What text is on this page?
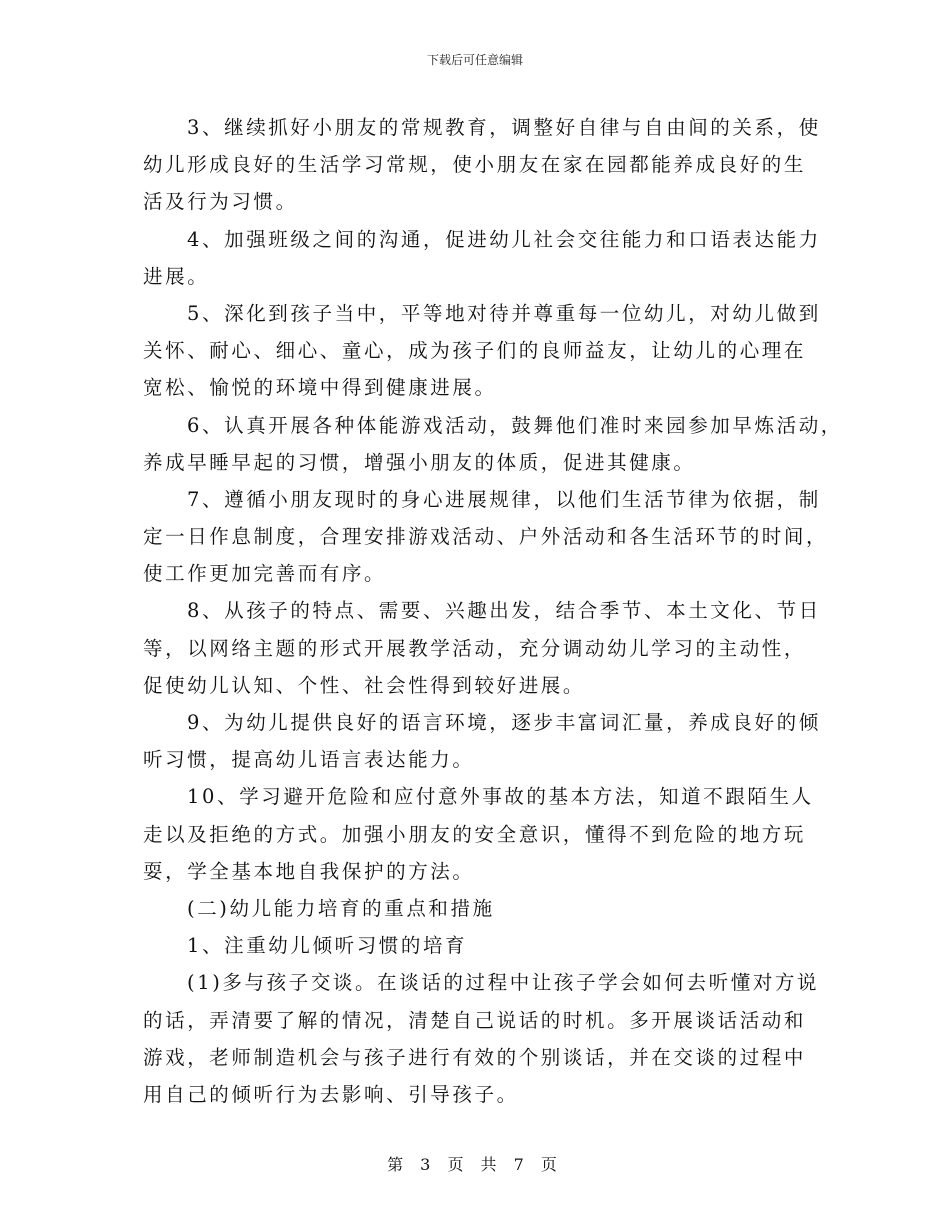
下载后可任意编辑
3、继续抓好小朋友的常规教育，调整好自律与自由间的关系，使
幼儿形成良好的生活学习常规，使小朋友在家在园都能养成良好的生
活及行为习惯。
4、加强班级之间的沟通，促进幼儿社会交往能力和口语表达能力
进展。
5、深化到孩子当中，平等地对待并尊重每一位幼儿，对幼儿做到
关怀、耐心、细心、童心，成为孩子们的良师益友，让幼儿的心理在
宽松、愉悦的环境中得到健康进展。
6、认真开展各种体能游戏活动，鼓舞他们准时来园参加早炼活动，
养成早睡早起的习惯，增强小朋友的体质，促进其健康。
7、遵循小朋友现时的身心进展规律，以他们生活节律为依据，制
定一日作息制度，合理安排游戏活动、户外活动和各生活环节的时间，
使工作更加完善而有序。
8、从孩子的特点、需要、兴趣出发，结合季节、本土文化、节日
等，以网络主题的形式开展教学活动，充分调动幼儿学习的主动性，
促使幼儿认知、个性、社会性得到较好进展。
9、为幼儿提供良好的语言环境，逐步丰富词汇量，养成良好的倾
听习惯，提高幼儿语言表达能力。
10、学习避开危险和应付意外事故的基本方法，知道不跟陌生人
走以及拒绝的方式。加强小朋友的安全意识，懂得不到危险的地方玩
耍，学全基本地自我保护的方法。
(二)幼儿能力培育的重点和措施
1、注重幼儿倾听习惯的培育
(1)多与孩子交谈。在谈话的过程中让孩子学会如何去听懂对方说
的话，弄清要了解的情况，清楚自己说话的时机。多开展谈话活动和
游戏，老师制造机会与孩子进行有效的个别谈话，并在交谈的过程中
用自己的倾听行为去影响、引导孩子。
第 3 页 共 7 页
